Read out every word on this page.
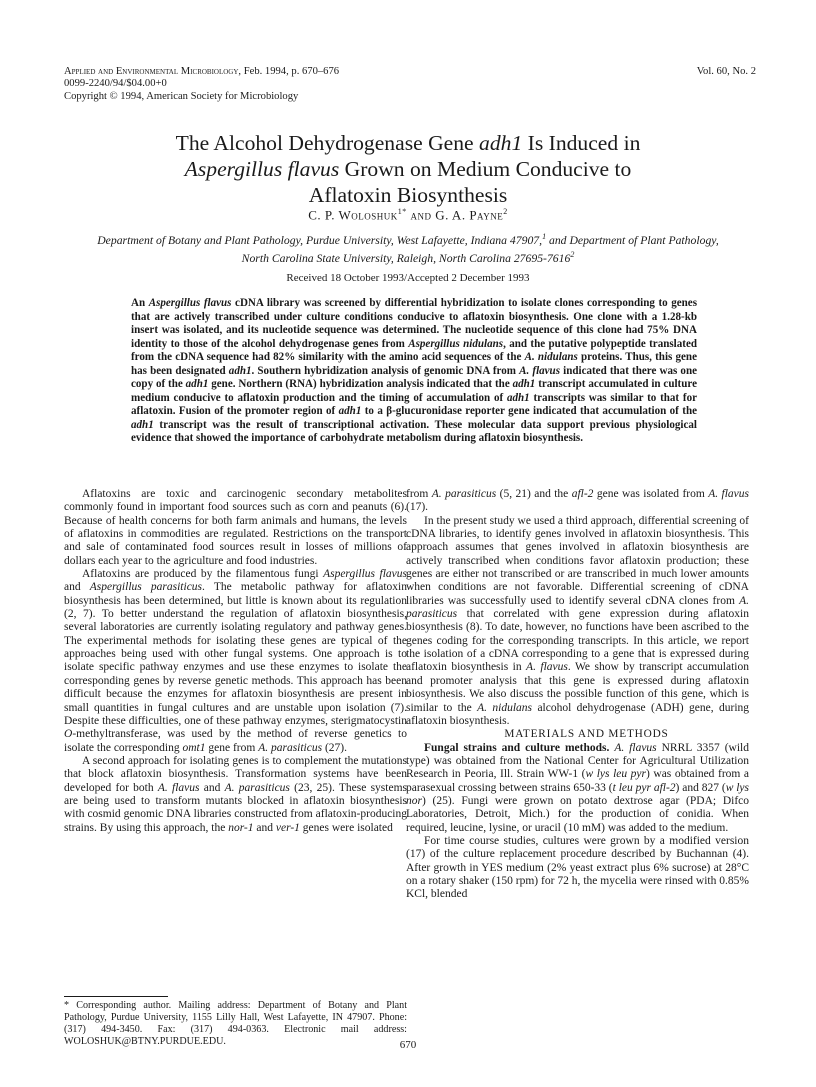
Applied and Environmental Microbiology, Feb. 1994, p. 670–676
0099-2240/94/$04.00+0
Copyright © 1994, American Society for Microbiology
Vol. 60, No. 2
The Alcohol Dehydrogenase Gene adh1 Is Induced in
Aspergillus flavus Grown on Medium Conducive to
Aflatoxin Biosynthesis
C. P. Woloshuk$^{1*}$ and G. A. Payne$^2$
Department of Botany and Plant Pathology, Purdue University, West Lafayette, Indiana 47907,$^1$ and Department of Plant Pathology, North Carolina State University, Raleigh, North Carolina 27695-7616$^2$
Received 18 October 1993/Accepted 2 December 1993

An Aspergillus flavus cDNA library was screened by differential hybridization to isolate clones corresponding to genes that are actively transcribed under culture conditions conducive to aflatoxin biosynthesis. One clone with a 1.28-kb insert was isolated, and its nucleotide sequence was determined. The nucleotide sequence of this clone had 75% DNA identity to those of the alcohol dehydrogenase genes from Aspergillus nidulans, and the putative polypeptide translated from the cDNA sequence had 82% similarity with the amino acid sequences of the A. nidulans proteins. Thus, this gene has been designated adh1. Southern hybridization analysis of genomic DNA from A. flavus indicated that there was one copy of the adh1 gene. Northern (RNA) hybridization analysis indicated that the adh1 transcript accumulated in culture medium conducive to aflatoxin production and the timing of accumulation of adh1 transcripts was similar to that for aflatoxin. Fusion of the promoter region of adh1 to a β-glucuronidase reporter gene indicated that accumulation of the adh1 transcript was the result of transcriptional activation. These molecular data support previous physiological evidence that showed the importance of carbohydrate metabolism during aflatoxin biosynthesis.

Aflatoxins are toxic and carcinogenic secondary metabolites commonly found in important food sources such as corn and peanuts (6). Because of health concerns for both farm animals and humans, the levels of aflatoxins in commodities are regulated. Restrictions on the transport and sale of contaminated food sources result in losses of millions of dollars each year to the agriculture and food industries.

Aflatoxins are produced by the filamentous fungi Aspergillus flavus and Aspergillus parasiticus. The metabolic pathway for aflatoxin biosynthesis has been determined, but little is known about its regulation (2, 7). To better understand the regulation of aflatoxin biosynthesis, several laboratories are currently isolating regulatory and pathway genes. The experimental methods for isolating these genes are typical of the approaches being used with other fungal systems. One approach is to isolate specific pathway enzymes and use these enzymes to isolate the corresponding genes by reverse genetic methods. This approach has been difficult because the enzymes for aflatoxin biosynthesis are present in small quantities in fungal cultures and are unstable upon isolation (7). Despite these difficulties, one of these pathway enzymes, sterigmatocystin O-methyltransferase, was used by the method of reverse genetics to isolate the corresponding omt1 gene from A. parasiticus (27).

A second approach for isolating genes is to complement the mutations that block aflatoxin biosynthesis. Transformation systems have been developed for both A. flavus and A. parasiticus (23, 25). These systems are being used to transform mutants blocked in aflatoxin biosynthesis with cosmid genomic DNA libraries constructed from aflatoxin-producing strains. By using this approach, the nor-1 and ver-1 genes were isolated

* Corresponding author. Mailing address: Department of Botany and Plant Pathology, Purdue University, 1155 Lilly Hall, West Lafayette, IN 47907. Phone: (317) 494-3450. Fax: (317) 494-0363. Electronic mail address: WOLOSHUK@BTNY.PURDUE.EDU.

from A. parasiticus (5, 21) and the afl-2 gene was isolated from A. flavus (17).

In the present study we used a third approach, differential screening of cDNA libraries, to identify genes involved in aflatoxin biosynthesis. This approach assumes that genes involved in aflatoxin biosynthesis are actively transcribed when conditions favor aflatoxin production; these genes are either not transcribed or are transcribed in much lower amounts when conditions are not favorable. Differential screening of cDNA libraries was successfully used to identify several cDNA clones from A. parasiticus that correlated with gene expression during aflatoxin biosynthesis (8). To date, however, no functions have been ascribed to the genes coding for the corresponding transcripts. In this article, we report the isolation of a cDNA corresponding to a gene that is expressed during aflatoxin biosynthesis in A. flavus. We show by transcript accumulation and promoter analysis that this gene is expressed during aflatoxin biosynthesis. We also discuss the possible function of this gene, which is similar to the A. nidulans alcohol dehydrogenase (ADH) gene, during aflatoxin biosynthesis.

MATERIALS AND METHODS

Fungal strains and culture methods. A. flavus NRRL 3357 (wild type) was obtained from the National Center for Agricultural Utilization Research in Peoria, Ill. Strain WW-1 (w lys leu pyr) was obtained from a parasexual crossing between strains 650-33 (t leu pyr afl-2) and 827 (w lys nor) (25). Fungi were grown on potato dextrose agar (PDA; Difco Laboratories, Detroit, Mich.) for the production of conidia. When required, leucine, lysine, or uracil (10 mM) was added to the medium.

For time course studies, cultures were grown by a modified version (17) of the culture replacement procedure described by Buchannan (4). After growth in YES medium (2% yeast extract plus 6% sucrose) at 28°C on a rotary shaker (150 rpm) for 72 h, the mycelia were rinsed with 0.85% KCl, blended

670
